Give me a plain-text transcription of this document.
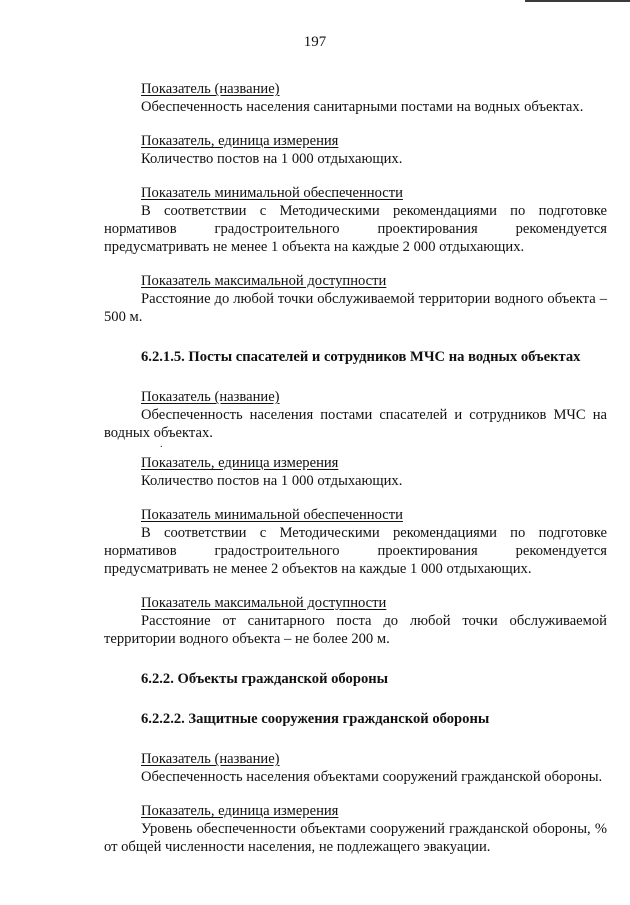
197
Показатель (название)

Обеспеченность населения санитарными постами на водных объектах.

Показатель, единица измерения

Количество постов на 1 000 отдыхающих.

Показатель минимальной обеспеченности

В соответствии с Методическими рекомендациями по подготовке нормативов градостроительного проектирования рекомендуется предусматривать не менее 1 объекта на каждые 2 000 отдыхающих.

Показатель максимальной доступности

Расстояние до любой точки обслуживаемой территории водного объекта – 500 м.

6.2.1.5. Посты спасателей и сотрудников МЧС на водных объектах

Показатель (название)

Обеспеченность населения постами спасателей и сотрудников МЧС на водных объектах.

.
Показатель, единица измерения

Количество постов на 1 000 отдыхающих.

Показатель минимальной обеспеченности

В соответствии с Методическими рекомендациями по подготовке нормативов градостроительного проектирования рекомендуется предусматривать не менее 2 объектов на каждые 1 000 отдыхающих.

Показатель максимальной доступности

Расстояние от санитарного поста до любой точки обслуживаемой территории водного объекта – не более 200 м.

6.2.2. Объекты гражданской обороны

6.2.2.2. Защитные сооружения гражданской обороны

Показатель (название)

Обеспеченность населения объектами сооружений гражданской обороны.

Показатель, единица измерения

Уровень обеспеченности объектами сооружений гражданской обороны, % от общей численности населения, не подлежащего эвакуации.
